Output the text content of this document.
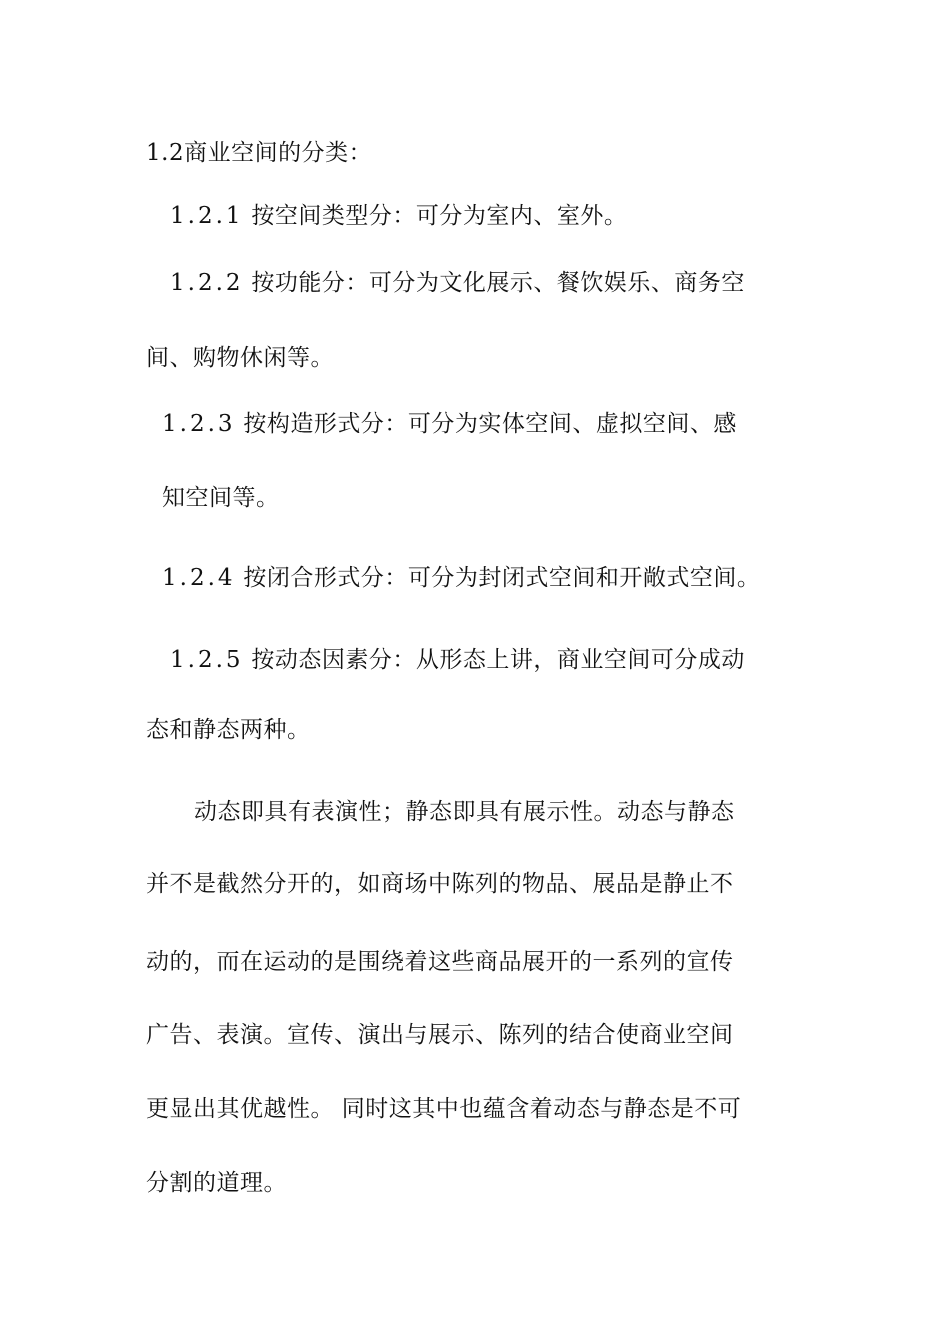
1.2商业空间的分类：

1.2.1 按空间类型分：可分为室内、室外。

1.2.2 按功能分：可分为文化展示、餐饮娱乐、商务空

间、购物休闲等。

1.2.3 按构造形式分：可分为实体空间、虚拟空间、感

知空间等。

1.2.4 按闭合形式分：可分为封闭式空间和开敞式空间。

1.2.5 按动态因素分：从形态上讲，商业空间可分成动

态和静态两种。

动态即具有表演性；静态即具有展示性。动态与静态

并不是截然分开的，如商场中陈列的物品、展品是静止不

动的，而在运动的是围绕着这些商品展开的一系列的宣传

广告、表演。宣传、演出与展示、陈列的结合使商业空间

更显出其优越性。 同时这其中也蕴含着动态与静态是不可

分割的道理。
